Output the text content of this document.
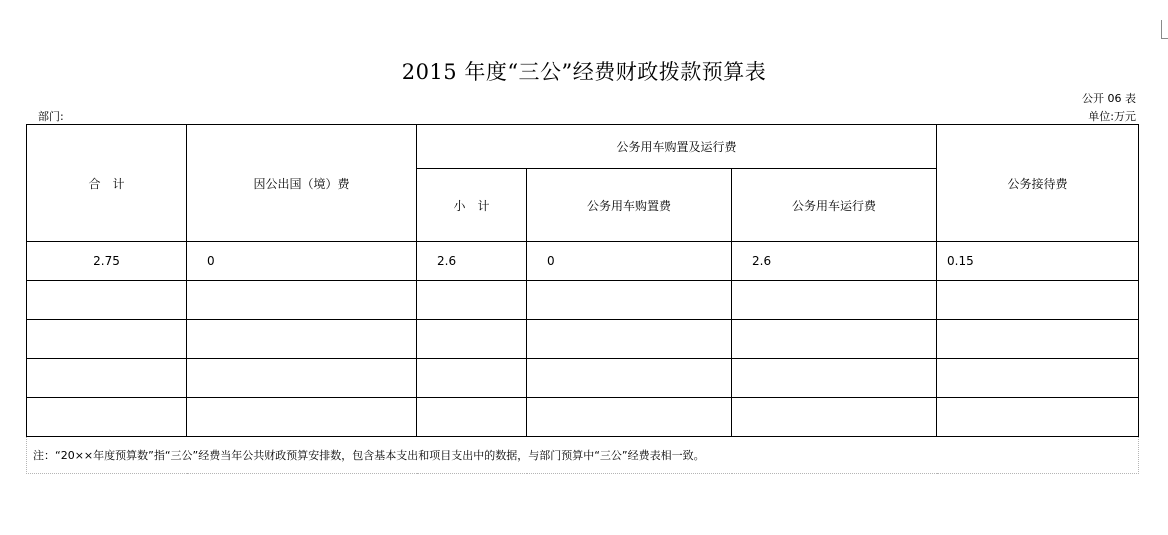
2015 年度“三公”经费财政拨款预算表
公开 06 表
部门:	单位:万元
合　计	因公出国（境）费	公务用车购置及运行费			公务接待费
		小　计	公务用车购置费	公务用车运行费	
2.75	0	2.6	0	2.6	0.15

注：“20××年度预算数”指“三公”经费当年公共财政预算安排数，包含基本支出和项目支出中的数据，与部门预算中“三公”经费表相一致。					
